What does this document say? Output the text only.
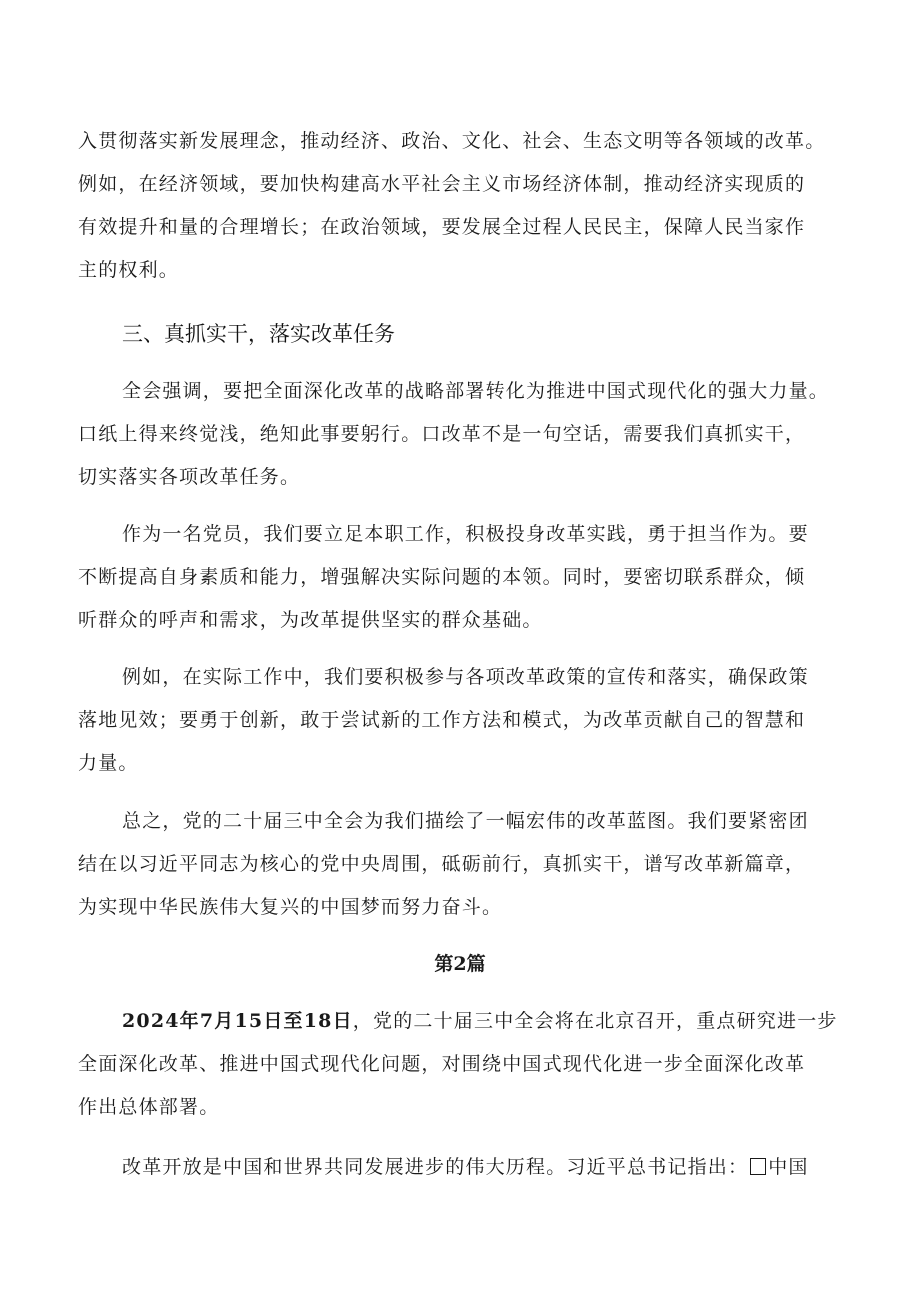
入贯彻落实新发展理念，推动经济、政治、文化、社会、生态文明等各领域的改革。
例如，在经济领域，要加快构建高水平社会主义市场经济体制，推动经济实现质的
有效提升和量的合理增长；在政治领域，要发展全过程人民民主，保障人民当家作
主的权利。
三、真抓实干，落实改革任务
全会强调，要把全面深化改革的战略部署转化为推进中国式现代化的强大力量。
口纸上得来终觉浅，绝知此事要躬行。口改革不是一句空话，需要我们真抓实干，
切实落实各项改革任务。
作为一名党员，我们要立足本职工作，积极投身改革实践，勇于担当作为。要
不断提高自身素质和能力，增强解决实际问题的本领。同时，要密切联系群众，倾
听群众的呼声和需求，为改革提供坚实的群众基础。
例如，在实际工作中，我们要积极参与各项改革政策的宣传和落实，确保政策
落地见效；要勇于创新，敢于尝试新的工作方法和模式，为改革贡献自己的智慧和
力量。
总之，党的二十届三中全会为我们描绘了一幅宏伟的改革蓝图。我们要紧密团
结在以习近平同志为核心的党中央周围，砥砺前行，真抓实干，谱写改革新篇章，
为实现中华民族伟大复兴的中国梦而努力奋斗。
第2篇
2024年7月15日至18日，党的二十届三中全会将在北京召开，重点研究进一步
全面深化改革、推进中国式现代化问题，对围绕中国式现代化进一步全面深化改革
作出总体部署。
改革开放是中国和世界共同发展进步的伟大历程。习近平总书记指出： 中国
